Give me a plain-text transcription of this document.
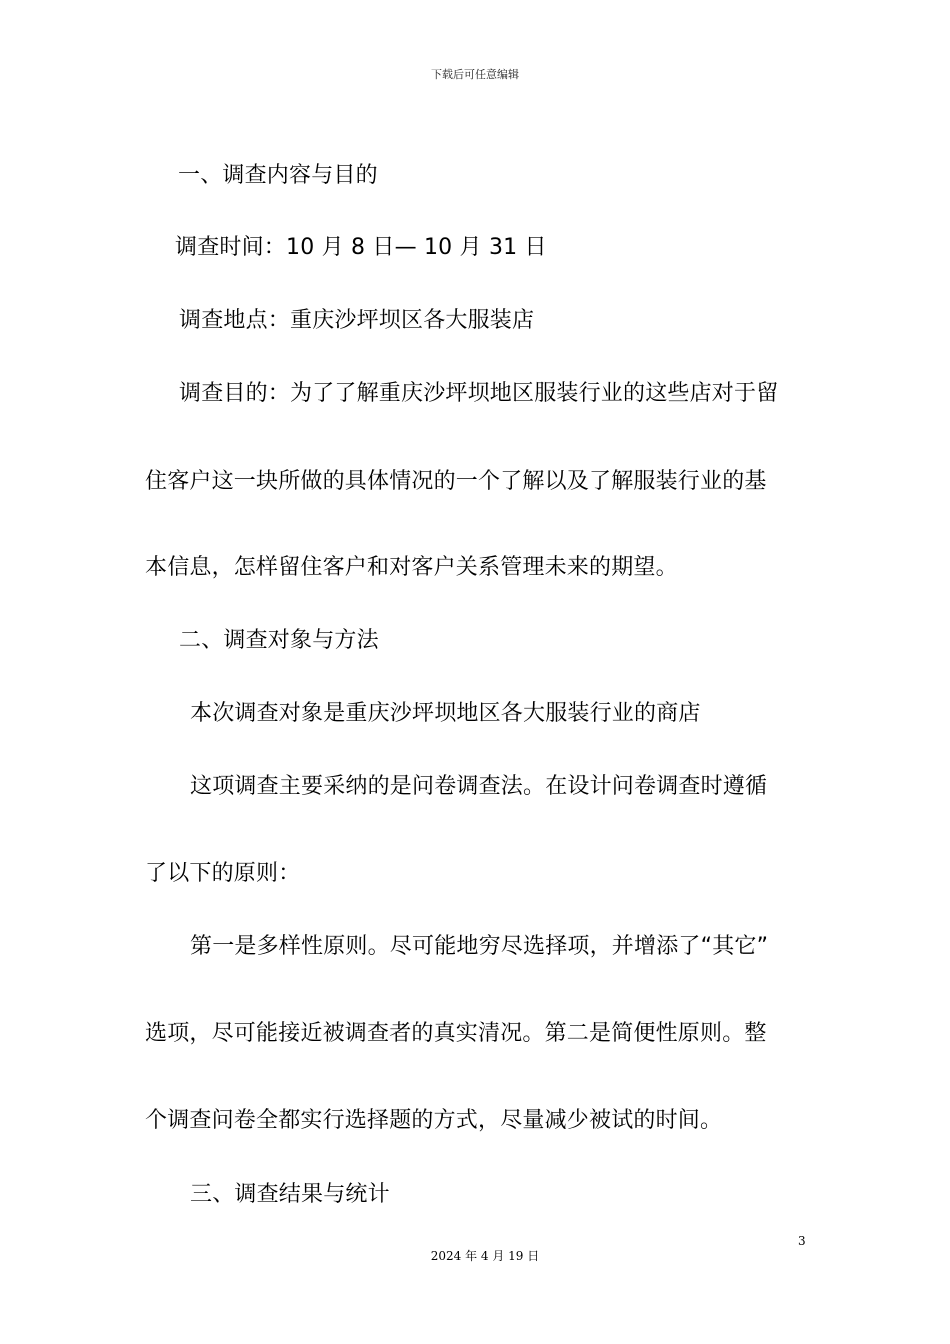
下载后可任意编辑
一、调查内容与目的
调查时间：10 月 8 日— 10 月 31 日
调查地点：重庆沙坪坝区各大服装店
调查目的：为了了解重庆沙坪坝地区服装行业的这些店对于留
住客户这一块所做的具体情况的一个了解以及了解服装行业的基
本信息，怎样留住客户和对客户关系管理未来的期望。
二、调查对象与方法
本次调查对象是重庆沙坪坝地区各大服装行业的商店
这项调查主要采纳的是问卷调查法。在设计问卷调查时遵循
了以下的原则：
第一是多样性原则。尽可能地穷尽选择项，并增添了“其它”
选项，尽可能接近被调查者的真实清况。第二是简便性原则。整
个调查问卷全都实行选择题的方式，尽量减少被试的时间。
三、调查结果与统计
3
2024 年 4 月 19 日
